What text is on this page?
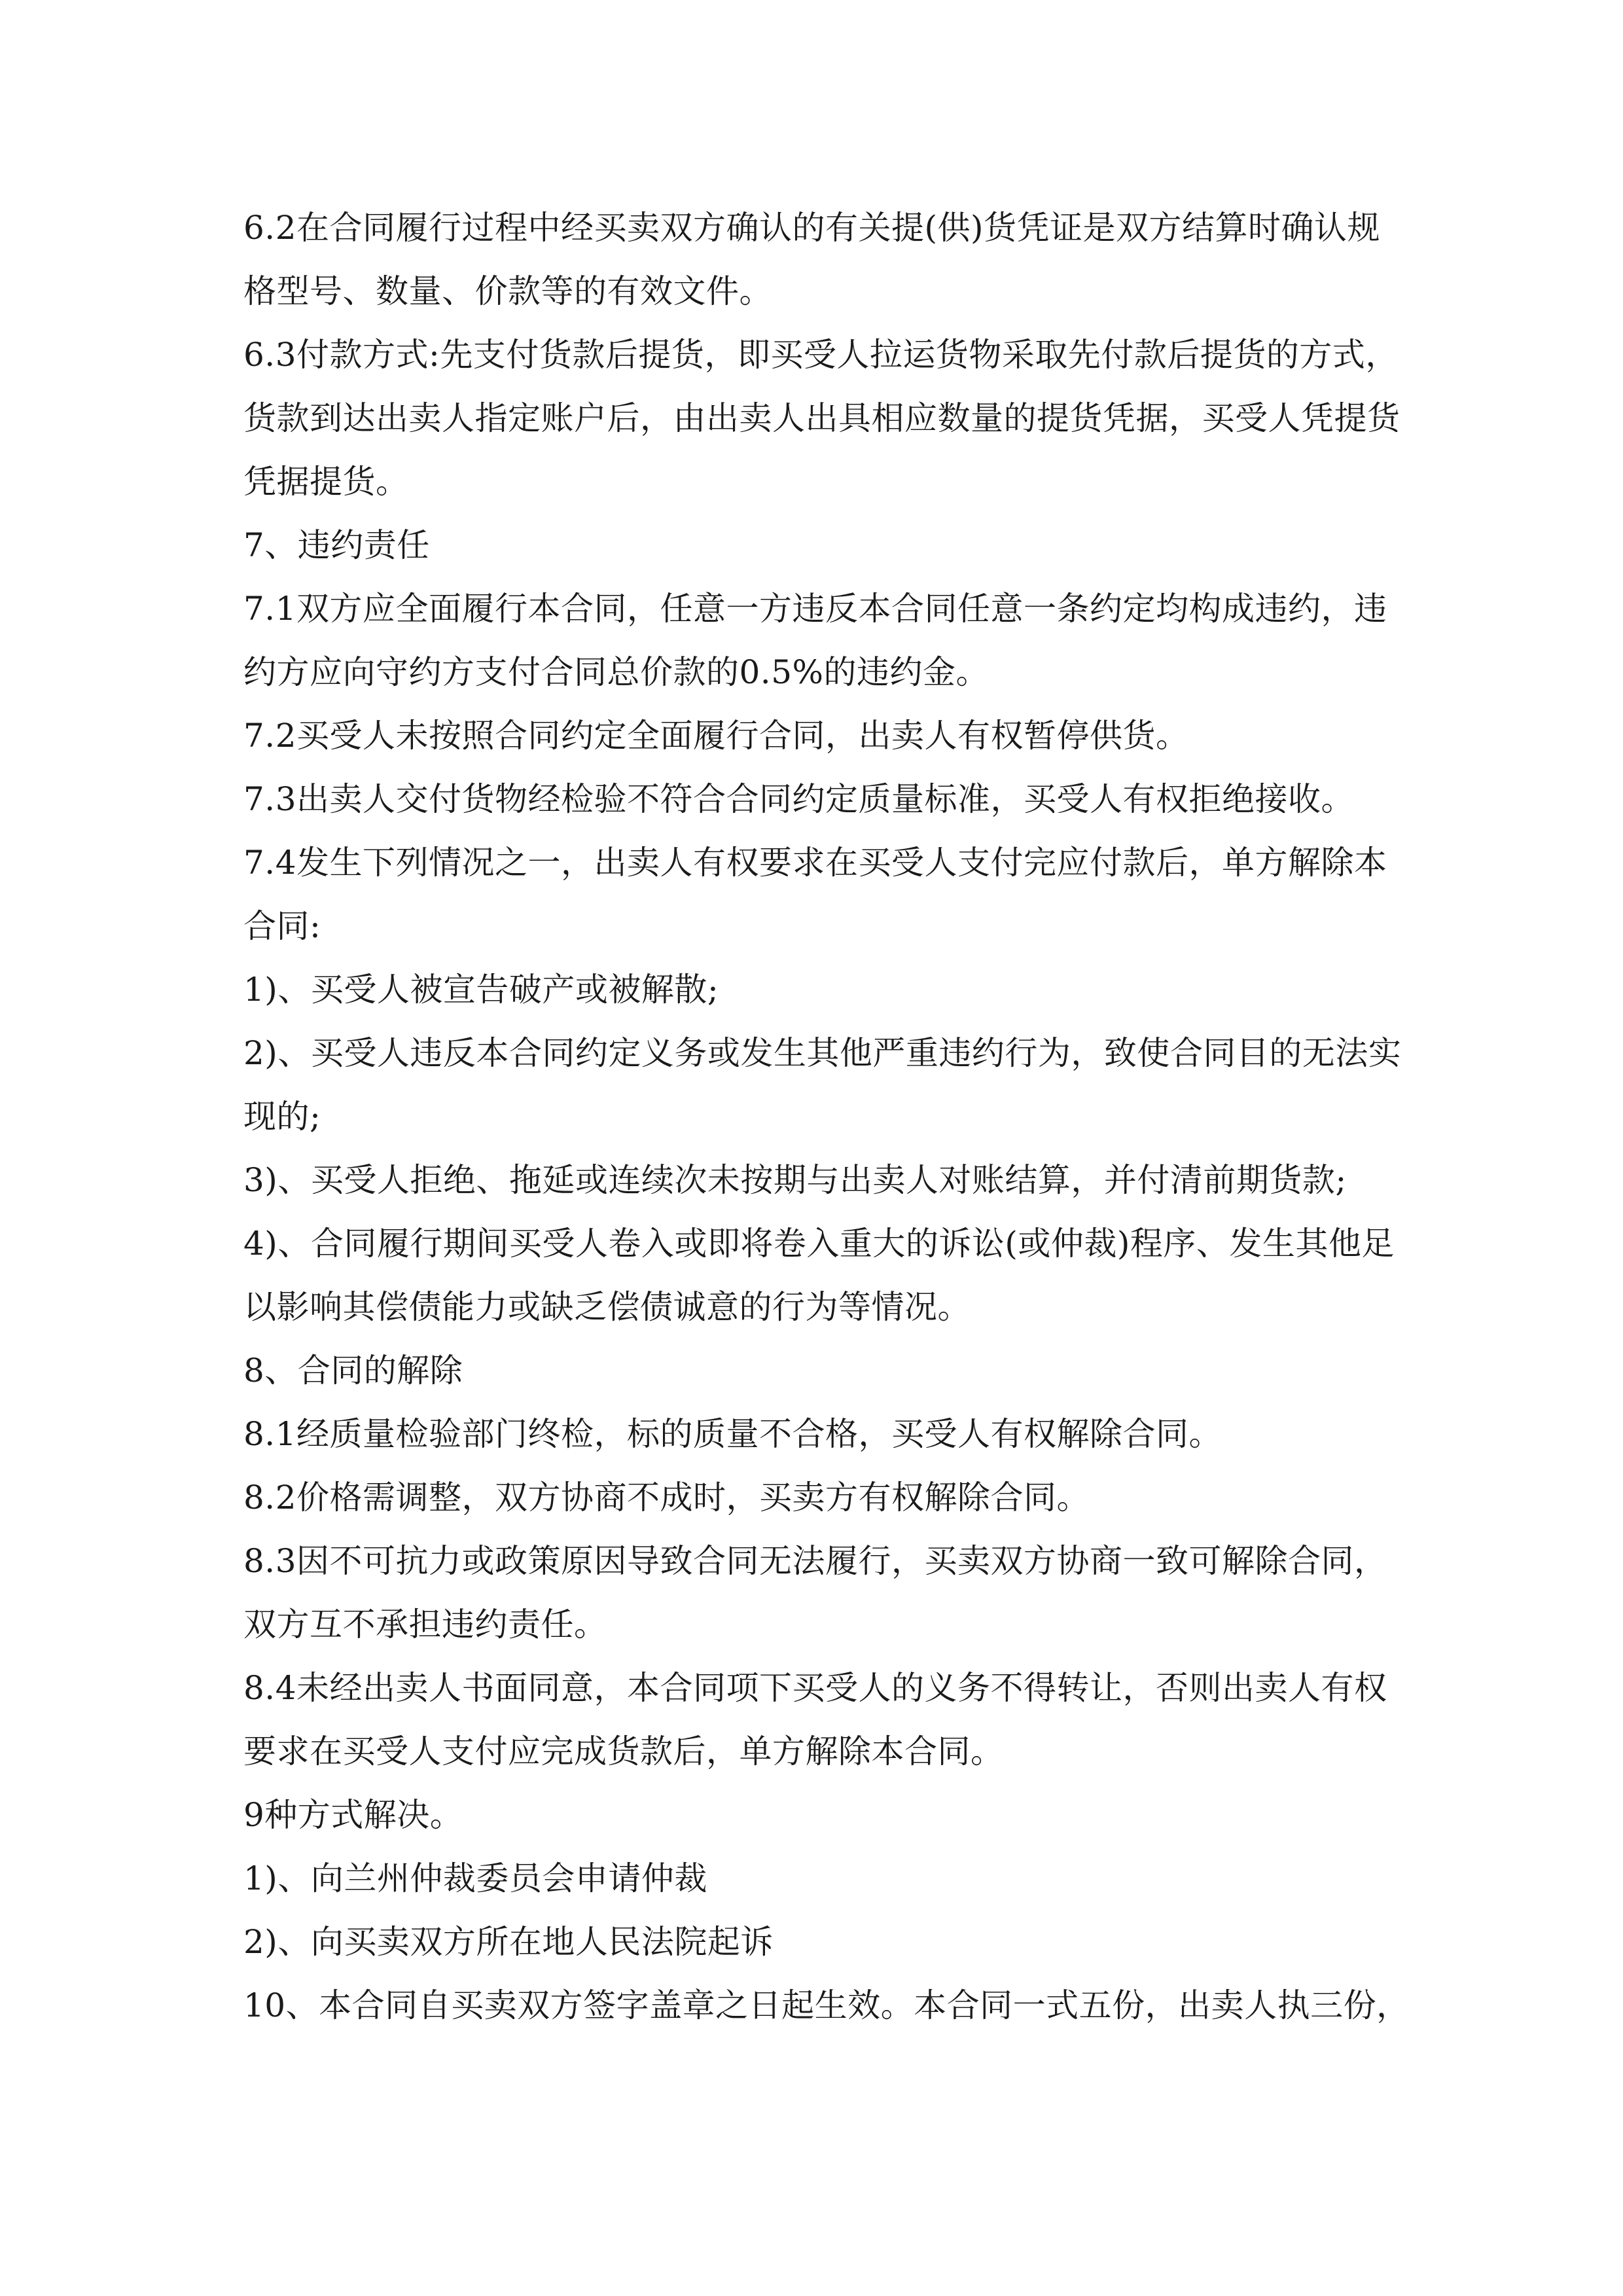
6.2在合同履行过程中经买卖双方确认的有关提(供)货凭证是双方结算时确认规
格型号、数量、价款等的有效文件。
6.3付款方式:先支付货款后提货，即买受人拉运货物采取先付款后提货的方式，
货款到达出卖人指定账户后，由出卖人出具相应数量的提货凭据，买受人凭提货
凭据提货。
7、违约责任
7.1双方应全面履行本合同，任意一方违反本合同任意一条约定均构成违约，违
约方应向守约方支付合同总价款的0.5%的违约金。
7.2买受人未按照合同约定全面履行合同，出卖人有权暂停供货。
7.3出卖人交付货物经检验不符合合同约定质量标准，买受人有权拒绝接收。
7.4发生下列情况之一，出卖人有权要求在买受人支付完应付款后，单方解除本
合同:
1)、买受人被宣告破产或被解散;
2)、买受人违反本合同约定义务或发生其他严重违约行为，致使合同目的无法实
现的;
3)、买受人拒绝、拖延或连续次未按期与出卖人对账结算，并付清前期货款;
4)、合同履行期间买受人卷入或即将卷入重大的诉讼(或仲裁)程序、发生其他足
以影响其偿债能力或缺乏偿债诚意的行为等情况。
8、合同的解除
8.1经质量检验部门终检，标的质量不合格，买受人有权解除合同。
8.2价格需调整，双方协商不成时，买卖方有权解除合同。
8.3因不可抗力或政策原因导致合同无法履行，买卖双方协商一致可解除合同，
双方互不承担违约责任。
8.4未经出卖人书面同意，本合同项下买受人的义务不得转让，否则出卖人有权
要求在买受人支付应完成货款后，单方解除本合同。
9种方式解决。
1)、向兰州仲裁委员会申请仲裁
2)、向买卖双方所在地人民法院起诉
10、本合同自买卖双方签字盖章之日起生效。本合同一式五份，出卖人执三份，
